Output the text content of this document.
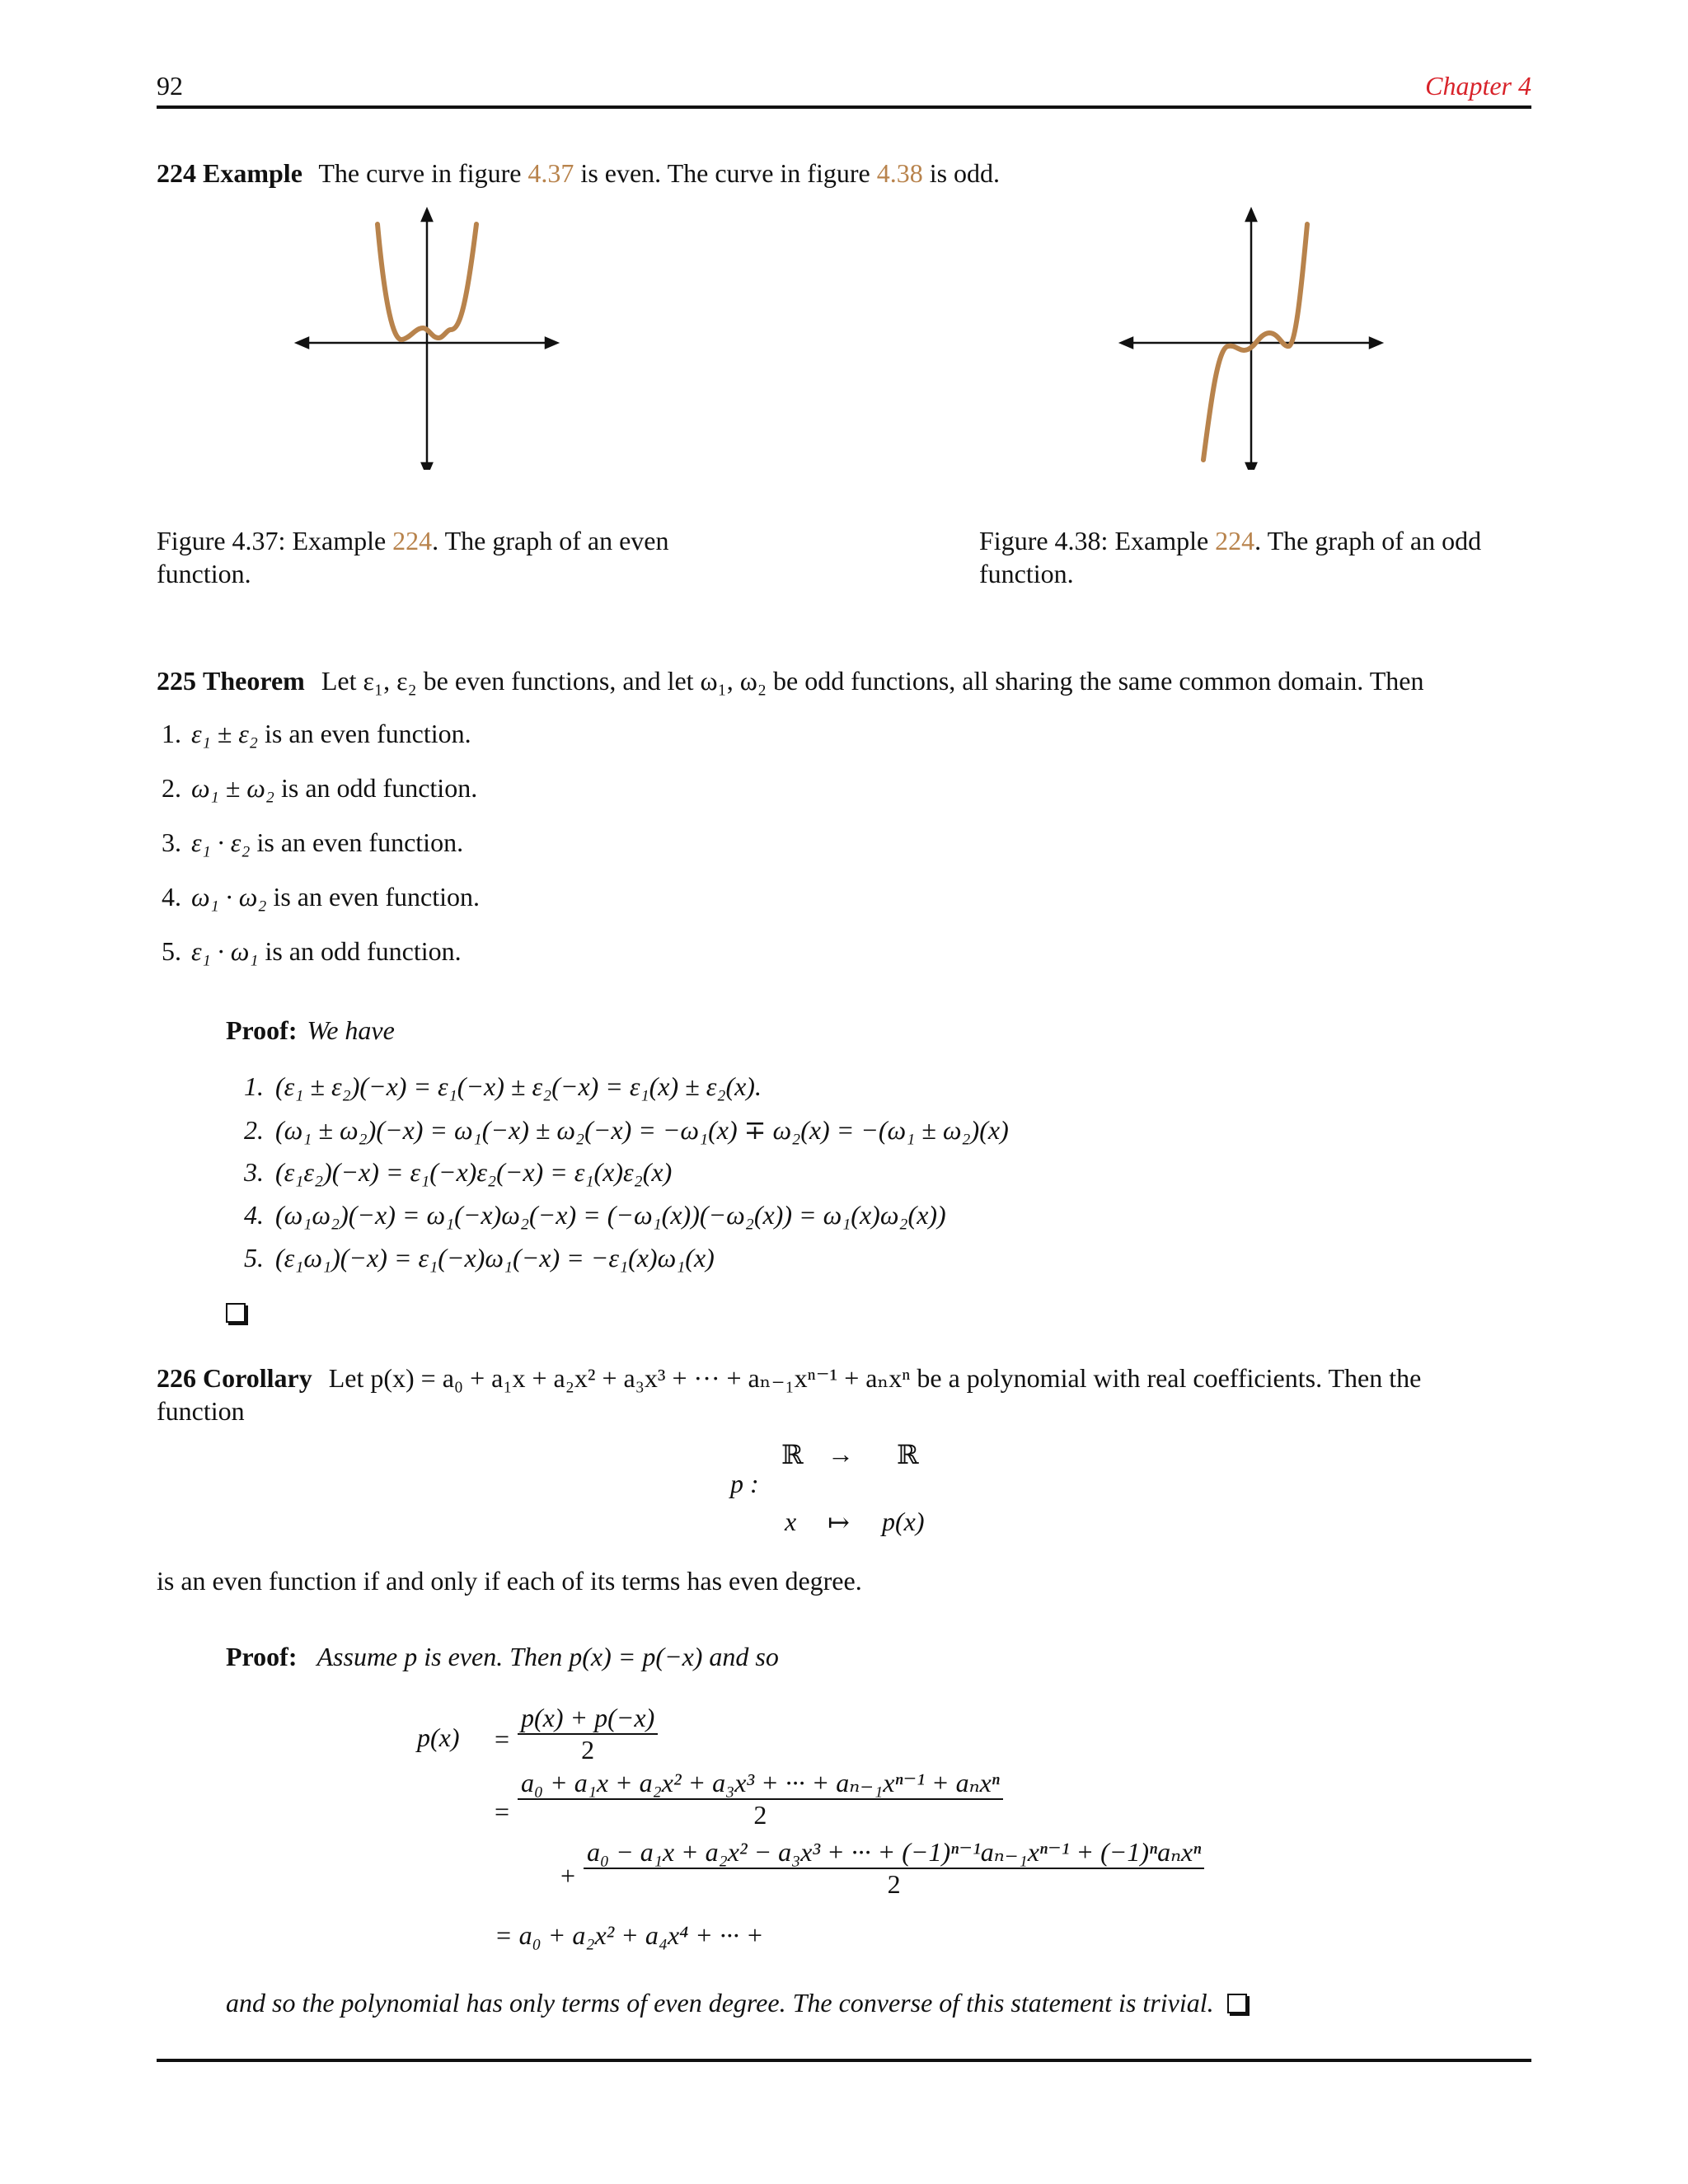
92	Chapter 4
224 Example The curve in figure 4.37 is even. The curve in figure 4.38 is odd.
Figure 4.37: Example 224. The graph of an even
function.
Figure 4.38: Example 224. The graph of an odd
function.
225 Theorem Let ε₁, ε₂ be even functions, and let ω₁, ω₂ be odd functions, all sharing the same common domain. Then
1. ε₁ ± ε₂ is an even function.
2. ω₁ ± ω₂ is an odd function.
3. ε₁ · ε₂ is an even function.
4. ω₁ · ω₂ is an even function.
5. ε₁ · ω₁ is an odd function.
Proof: We have
1. (ε₁ ± ε₂)(−x) = ε₁(−x) ± ε₂(−x) = ε₁(x) ± ε₂(x).
2. (ω₁ ± ω₂)(−x) = ω₁(−x) ± ω₂(−x) = −ω₁(x) ∓ ω₂(x) = −(ω₁ ± ω₂)(x)
3. (ε₁ε₂)(−x) = ε₁(−x)ε₂(−x) = ε₁(x)ε₂(x)
4. (ω₁ω₂)(−x) = ω₁(−x)ω₂(−x) = (−ω₁(x))(−ω₂(x)) = ω₁(x)ω₂(x))
5. (ε₁ω₁)(−x) = ε₁(−x)ω₁(−x) = −ε₁(x)ω₁(x)
226 Corollary Let p(x) = a₀ + a₁x + a₂x² + a₃x³ + ··· + aₙ₋₁xⁿ⁻¹ + aₙxⁿ be a polynomial with real coefficients. Then the
function
p :
ℝ → ℝ
x ↦ p(x)
is an even function if and only if each of its terms has even degree.
Proof: Assume p is even. Then p(x) = p(−x) and so
$p(x) = \frac{p(x) + p(-x)}{2}$
=
a₀ + a₁x + a₂x² + a₃x³ + ··· + aₙ₋₁xⁿ⁻¹ + aₙxⁿ
2
+
a₀ − a₁x + a₂x² − a₃x³ + ··· + (−1)ⁿ⁻¹aₙ₋₁xⁿ⁻¹ + (−1)ⁿaₙxⁿ
2
= a₀ + a₂x² + a₄x⁴ + ··· +
and so the polynomial has only terms of even degree. The converse of this statement is trivial.
